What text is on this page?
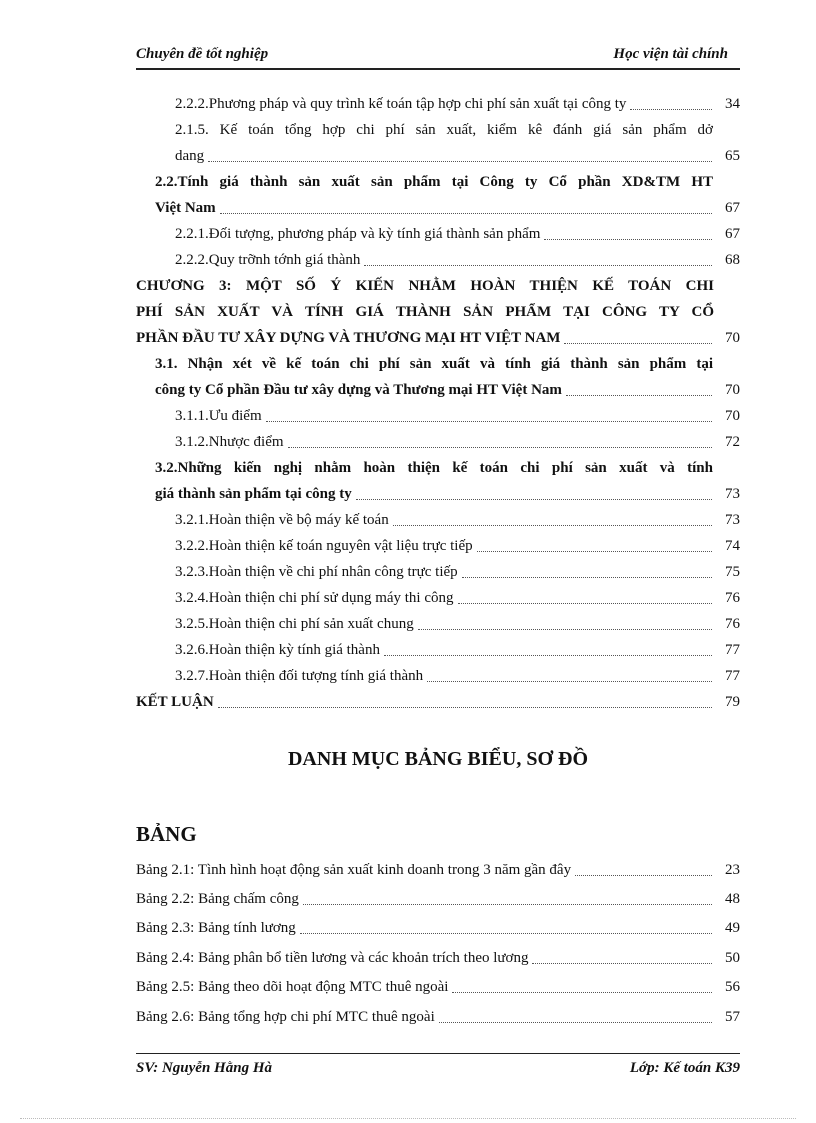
Chuyên đề tốt nghiệp	Học viện tài chính
2.2.2.Phương pháp và quy trình kế toán tập hợp chi phí sản xuất tại công ty	34
2.1.5. Kế toán tổng hợp chi phí sản xuất, kiểm kê đánh giá sản phẩm dở
dang	65
2.2.Tính giá thành sản xuất sản phẩm tại Công ty Cổ phần XD&TM HT
Việt Nam	67
2.2.1.Đối tượng, phương pháp và kỳ tính giá thành sản phẩm	67
2.2.2.Quy trỡnh tớnh giá thành	68
CHƯƠNG 3: MỘT SỐ Ý KIẾN NHẰM HOÀN THIỆN KẾ TOÁN CHI
PHÍ SẢN XUẤT VÀ TÍNH GIÁ THÀNH SẢN PHẨM TẠI CÔNG TY CỔ
PHẦN ĐẦU TƯ XÂY DỰNG VÀ THƯƠNG MẠI HT VIỆT NAM	70
3.1. Nhận xét về kế toán chi phí sản xuất và tính giá thành sản phẩm tại
công ty Cổ phần Đầu tư xây dựng và Thương mại HT Việt Nam	70
3.1.1.Ưu điểm	70
3.1.2.Nhược điểm	72
3.2.Những kiến nghị nhằm hoàn thiện kế toán chi phí sản xuất và tính
giá thành sản phẩm tại công ty	73
3.2.1.Hoàn thiện về bộ máy kế toán	73
3.2.2.Hoàn thiện kế toán nguyên vật liệu trực tiếp	74
3.2.3.Hoàn thiện về chi phí nhân công trực tiếp	75
3.2.4.Hoàn thiện chi phí sử dụng máy thi công	76
3.2.5.Hoàn thiện chi phí sản xuất chung	76
3.2.6.Hoàn thiện kỳ tính giá thành	77
3.2.7.Hoàn thiện đối tượng tính giá thành	77
KẾT LUẬN	79
DANH MỤC BẢNG BIỂU, SƠ ĐỒ
BẢNG
Bảng 2.1: Tình hình hoạt động sản xuất kinh doanh trong 3 năm gần đây	23
Bảng 2.2: Bảng chấm công	48
Bảng 2.3: Bảng tính lương	49
Bảng 2.4: Bảng phân bổ tiền lương và các khoản trích theo lương	50
Bảng 2.5: Bảng theo dõi hoạt động MTC thuê ngoài	56
Bảng 2.6: Bảng tổng hợp chi phí MTC thuê ngoài	57
SV: Nguyễn Hằng Hà	Lớp: Kế toán K39
